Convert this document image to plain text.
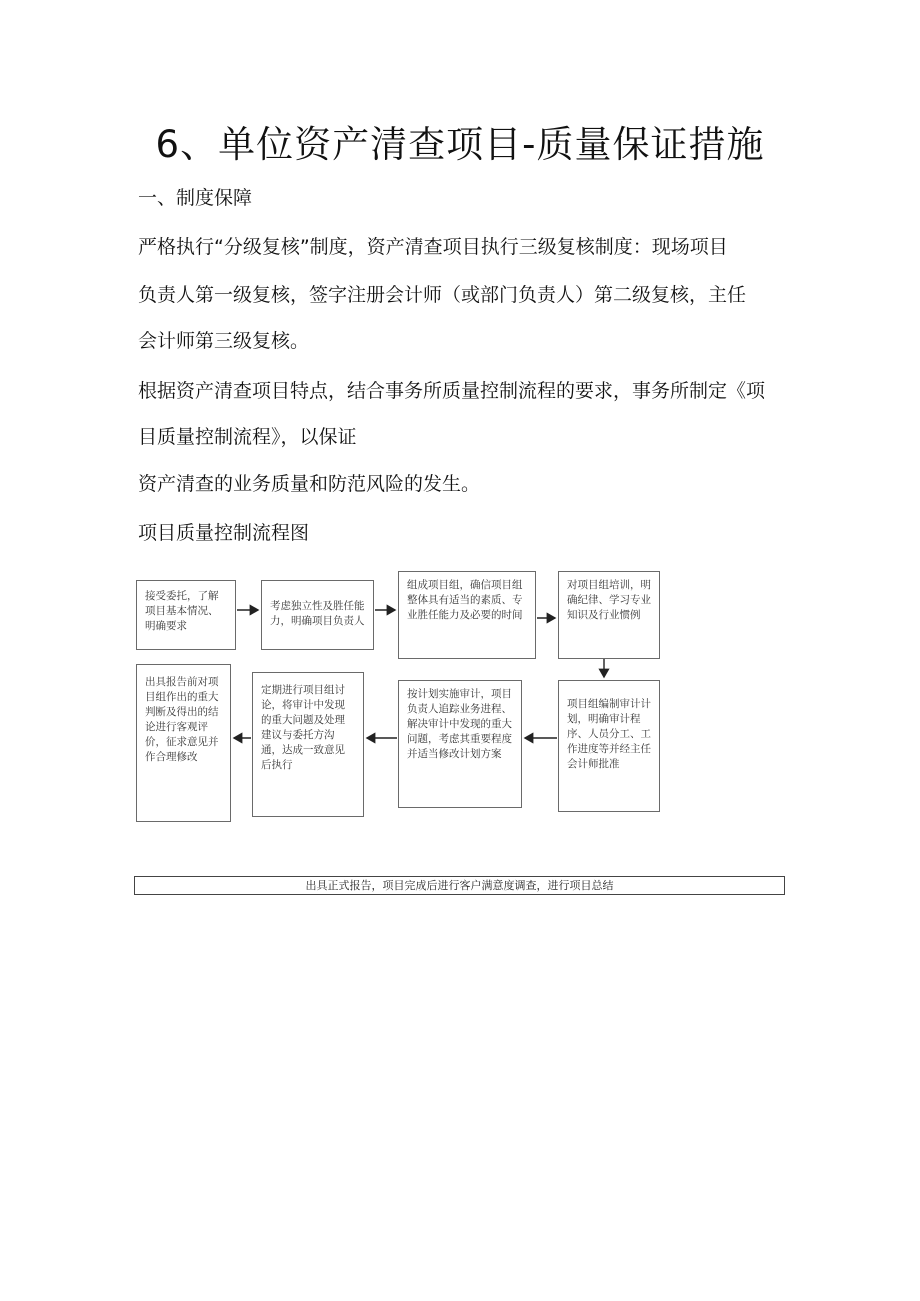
6、单位资产清查项目-质量保证措施
一、制度保障
严格执行“分级复核”制度，资产清查项目执行三级复核制度：现场项目
负责人第一级复核，签字注册会计师（或部门负责人）第二级复核，主任
会计师第三级复核。
根据资产清查项目特点，结合事务所质量控制流程的要求，事务所制定《项
目质量控制流程》，以保证
资产清查的业务质量和防范风险的发生。
项目质量控制流程图
接受委托，了解项目基本情况、明确要求
考虑独立性及胜任能力，明确项目负责人
组成项目组，确信项目组整体具有适当的素质、专业胜任能力及必要的时间
对项目组培训，明确纪律、学习专业知识及行业惯例
项目组编制审计计划，明确审计程序、人员分工、工作进度等并经主任会计师批准
按计划实施审计，项目负责人追踪业务进程、解决审计中发现的重大问题，考虑其重要程度并适当修改计划方案
定期进行项目组讨论，将审计中发现的重大问题及处理建议与委托方沟通，达成一致意见后执行
出具报告前对项目组作出的重大判断及得出的结论进行客观评价，征求意见并作合理修改
出具正式报告，项目完成后进行客户满意度调查，进行项目总结
